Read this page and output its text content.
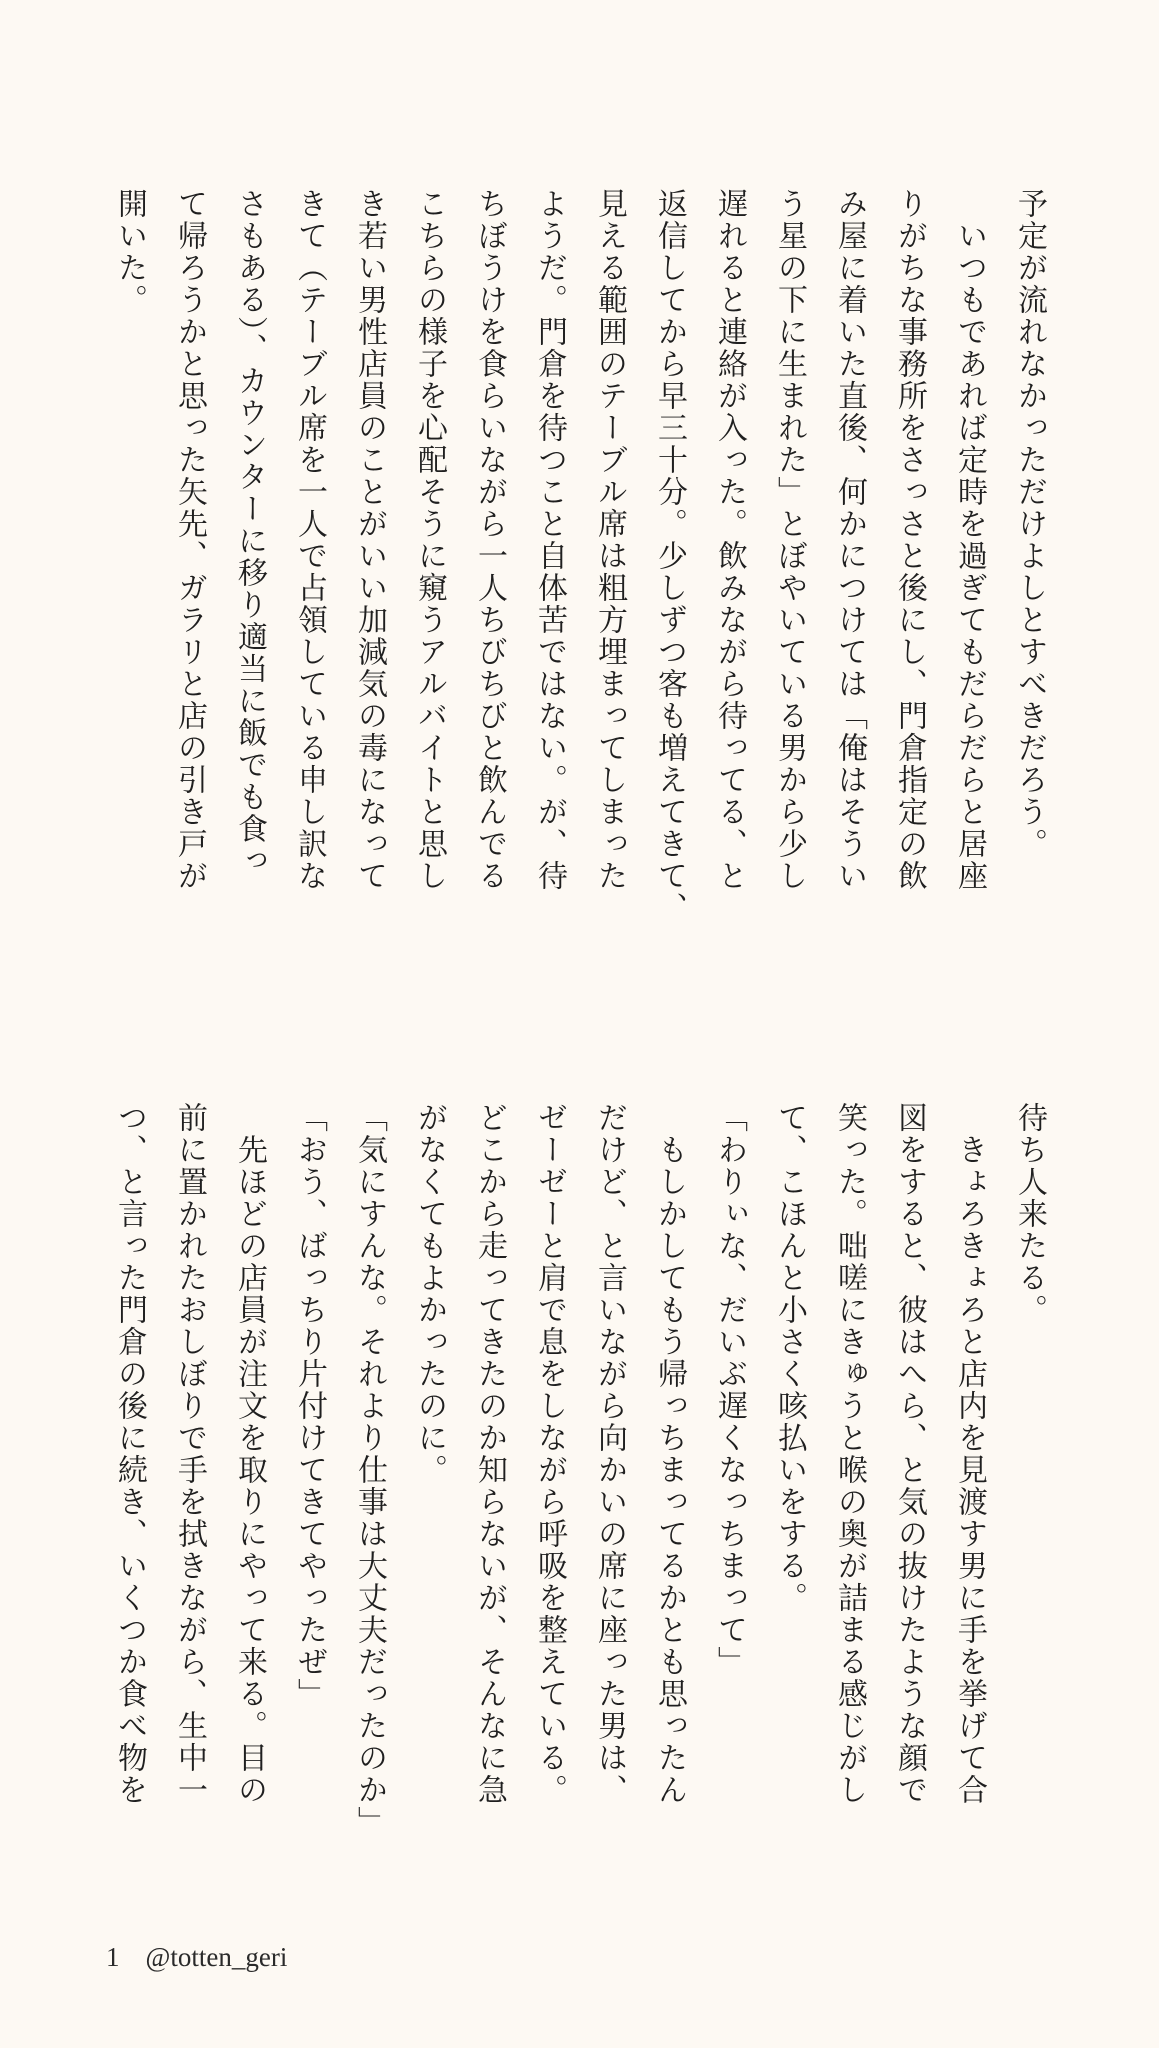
予定が流れなかっただけよしとすべきだろう。

　いつもであれば定時を過ぎてもだらだらと居座

りがちな事務所をさっさと後にし、門倉指定の飲

み屋に着いた直後、何かにつけては「俺はそうい

う星の下に生まれた」とぼやいている男から少し

遅れると連絡が入った。飲みながら待ってる、と

返信してから早三十分。少しずつ客も増えてきて、

見える範囲のテーブル席は粗方埋まってしまった

ようだ。門倉を待つこと自体苦ではない。が、待

ちぼうけを食らいながら一人ちびちびと飲んでる

こちらの様子を心配そうに窺うアルバイトと思し

き若い男性店員のことがいい加減気の毒になって

きて（テーブル席を一人で占領している申し訳な

さもある）、カウンターに移り適当に飯でも食っ

て帰ろうかと思った矢先、ガラリと店の引き戸が

開いた。

待ち人来たる。

　きょろきょろと店内を見渡す男に手を挙げて合

図をすると、彼はへら、と気の抜けたような顔で

笑った。咄嗟にきゅうと喉の奥が詰まる感じがし

て、こほんと小さく咳払いをする。

「わりぃな、だいぶ遅くなっちまって」

　もしかしてもう帰っちまってるかとも思ったん

だけど、と言いながら向かいの席に座った男は、

ゼーゼーと肩で息をしながら呼吸を整えている。

どこから走ってきたのか知らないが、そんなに急

がなくてもよかったのに。

「気にすんな。それより仕事は大丈夫だったのか」

「おう、ばっちり片付けてきてやったぜ」

　先ほどの店員が注文を取りにやって来る。目の

前に置かれたおしぼりで手を拭きながら、生中一

つ、と言った門倉の後に続き、いくつか食べ物を

1 @totten_geri
